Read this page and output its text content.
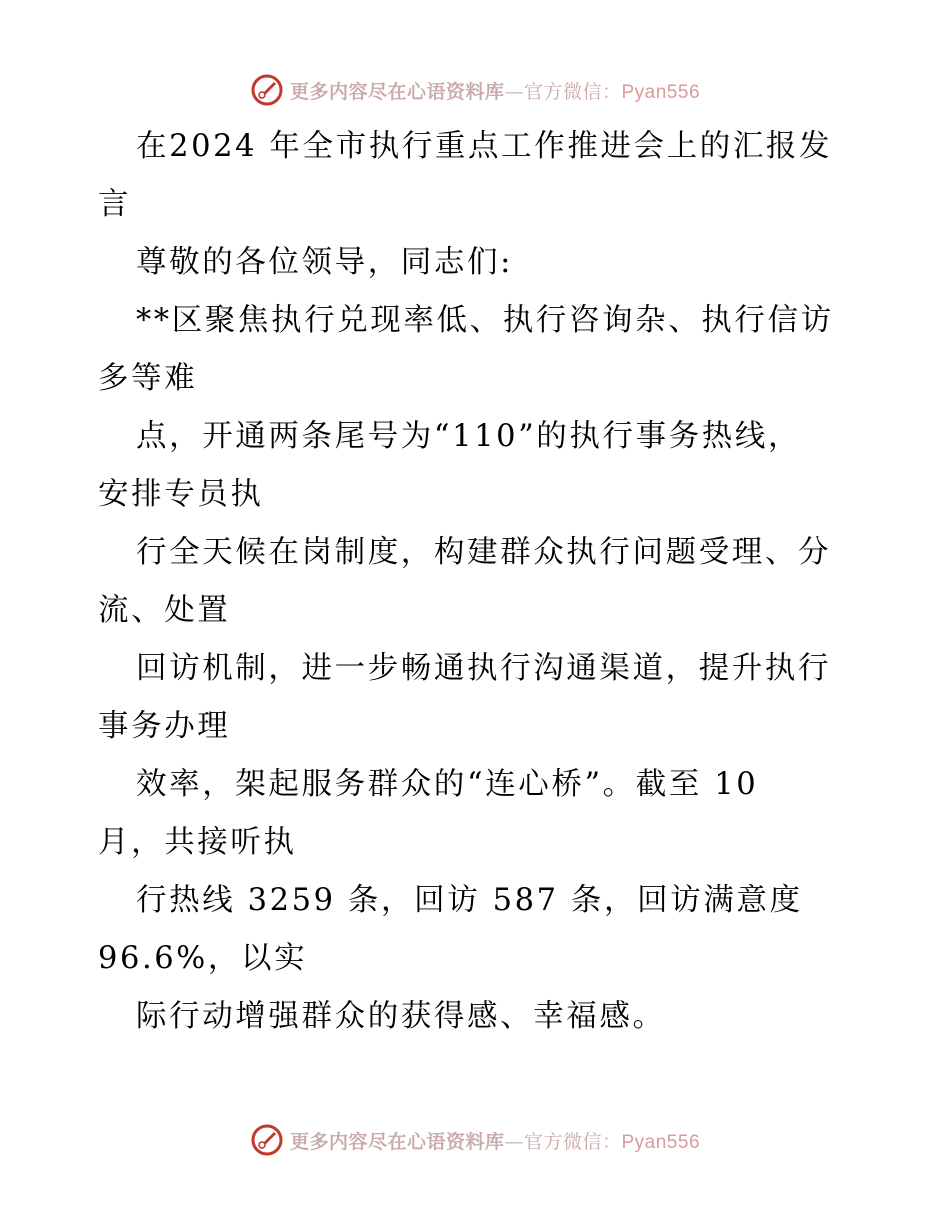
更多内容尽在心语资料库—官方微信：Pyan556

在2024 年全市执行重点工作推进会上的汇报发
言

尊敬的各位领导，同志们:

**区聚焦执行兑现率低、执行咨询杂、执行信访
多等难

点，开通两条尾号为“110”的执行事务热线，
安排专员执

行全天候在岗制度，构建群众执行问题受理、分
流、处置

回访机制，进一步畅通执行沟通渠道，提升执行
事务办理

效率，架起服务群众的“连心桥”。截至 10
月，共接听执

行热线 3259 条，回访 587 条，回访满意度
96.6%，以实

际行动增强群众的获得感、幸福感。

更多内容尽在心语资料库—官方微信：Pyan556
